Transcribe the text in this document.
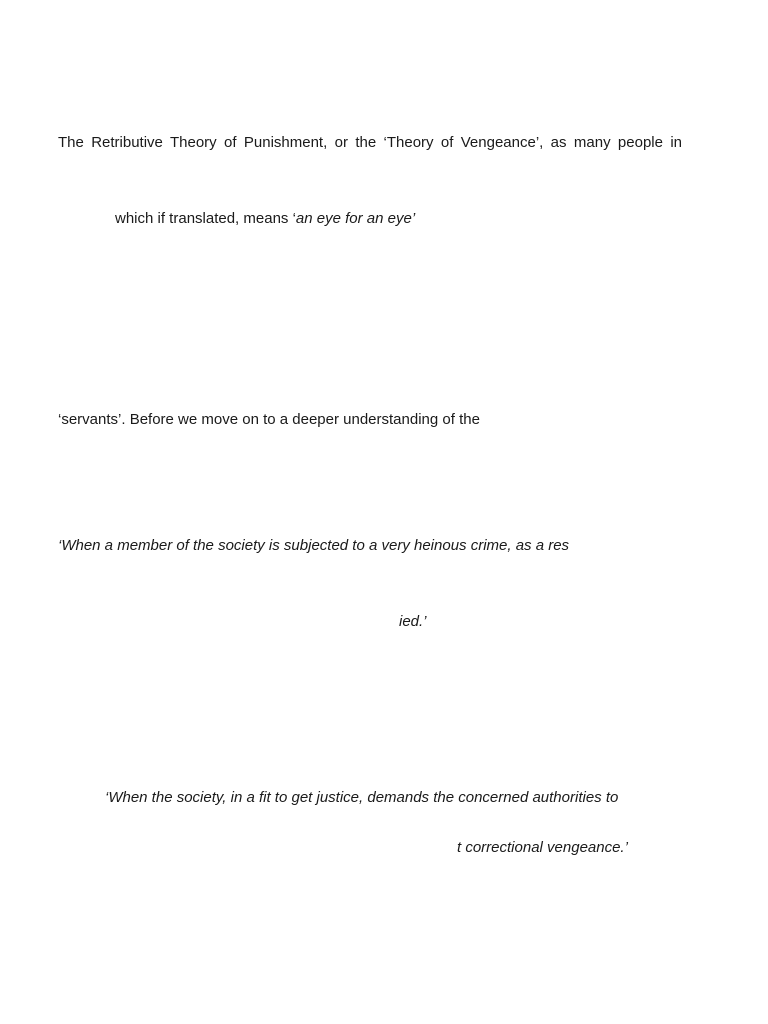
The Retributive Theory of Punishment, or the ‘Theory of Vengeance’, as many people in
which if translated, means ‘an eye for an eye’
‘servants’. Before we move on to a deeper understanding of the
‘When a member of the society is subjected to a very heinous crime, as a res
ied.’
‘When the society, in a fit to get justice, demands the concerned authorities to
t correctional vengeance.’
